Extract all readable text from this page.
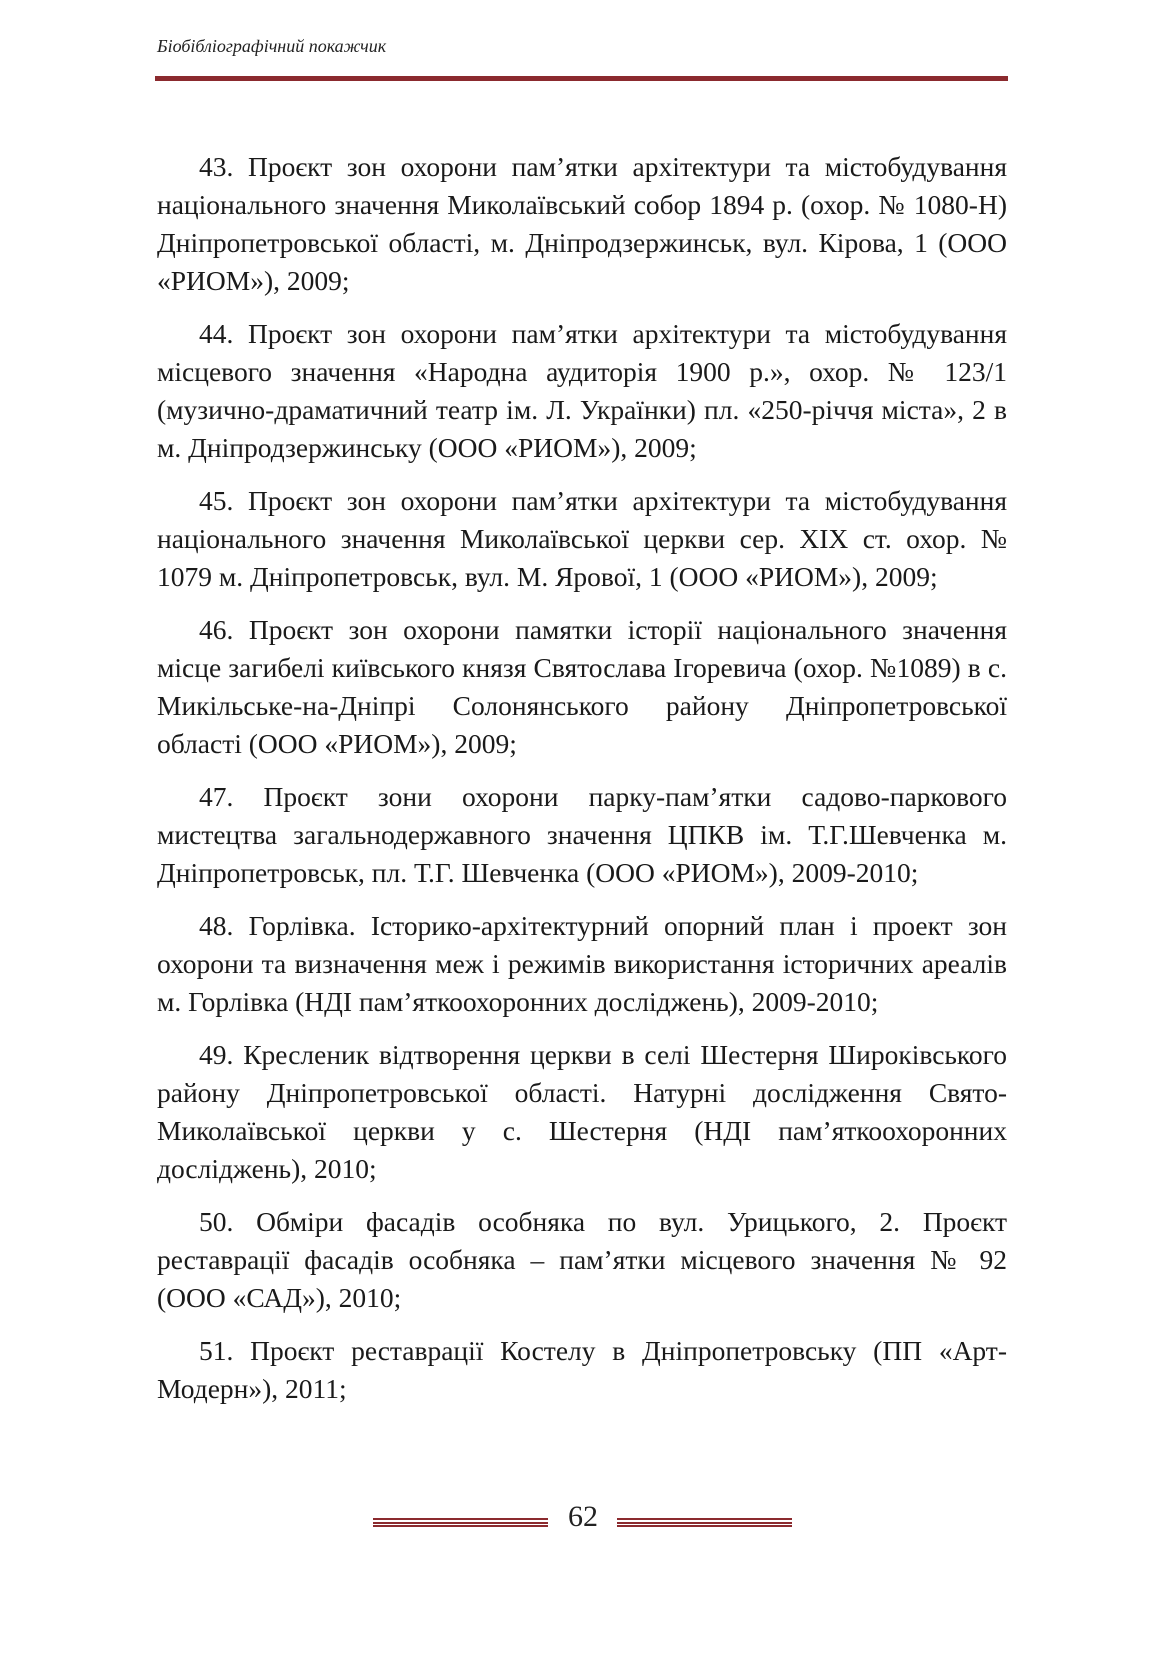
Біобібліографічний покажчик

43. Проєкт зон охорони пам’ятки архітектури та містобудування національного значення Миколаївський собор 1894 р. (охор. № 1080-Н) Дніпропетровської області, м. Дніпродзержинськ, вул. Кірова, 1 (ООО «РИОМ»), 2009;

44. Проєкт зон охорони пам’ятки архітектури та містобудування місцевого значення «Народна аудиторія 1900 р.», охор. № 123/1 (музично-драматичний театр ім. Л. Українки) пл. «250-річчя міста», 2 в м. Дніпродзержинську (ООО «РИОМ»), 2009;

45. Проєкт зон охорони пам’ятки архітектури та містобудування національного значення Миколаївської церкви сер. XIX ст. охор. № 1079 м. Дніпропетровськ, вул. М. Ярової, 1 (ООО «РИОМ»), 2009;

46. Проєкт зон охорони памятки історії національного значення місце загибелі київського князя Святослава Ігоревича (охор. №1089) в с. Микільське-на-Дніпрі Солонянського району Дніпропетровської області (ООО «РИОМ»), 2009;

47. Проєкт зони охорони парку-пам’ятки садово-паркового мистецтва загальнодержавного значення ЦПКВ ім. Т.Г.Шевченка м. Дніпропетровськ, пл. Т.Г. Шевченка (ООО «РИОМ»), 2009-2010;

48. Горлівка. Історико-архітектурний опорний план і проект зон охорони та визначення меж і режимів використання історичних ареалів м. Горлівка (НДІ пам’яткоохоронних досліджень), 2009-2010;

49. Кресленик відтворення церкви в селі Шестерня Широківського району Дніпропетровської області. Натурні дослідження Свято-Миколаївської церкви у с. Шестерня (НДІ пам’яткоохоронних досліджень), 2010;

50. Обміри фасадів особняка по вул. Урицького, 2. Проєкт реставрації фасадів особняка – пам’ятки місцевого значення № 92 (ООО «САД»), 2010;

51. Проєкт реставрації Костелу в Дніпропетровську (ПП «Арт-Модерн»), 2011;

62
